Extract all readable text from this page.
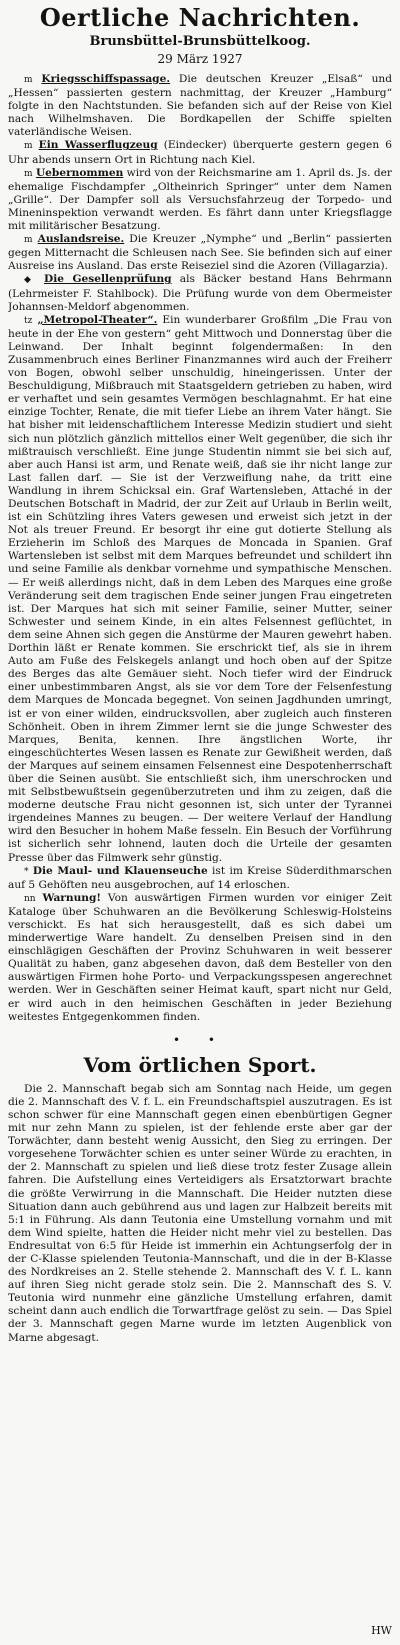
Oertliche Nachrichten.
Brunsbüttel-Brunsbüttelkoog.
29 März 1927

m Kriegsschiffspassage. Die deutschen Kreuzer „Elsaß“ und „Hessen“ passierten gestern nachmittag, der Kreuzer „Hamburg“ folgte in den Nachtstunden. Sie befanden sich auf der Reise von Kiel nach Wilhelmshaven. Die Bordkapellen der Schiffe spielten vaterländische Weisen.

m Ein Wasserflugzeug (Eindecker) überquerte gestern gegen 6 Uhr abends unsern Ort in Richtung nach Kiel.

m Uebernommen wird von der Reichsmarine am 1. April ds. Js. der ehemalige Fischdampfer „Oltheinrich Springer“ unter dem Namen „Grille“. Der Dampfer soll als Versuchsfahrzeug der Torpedo- und Mineninspektion verwandt werden. Es fährt dann unter Kriegsflagge mit militärischer Besatzung.

m Auslandsreise. Die Kreuzer „Nymphe“ und „Berlin“ passierten gegen Mitternacht die Schleusen nach See. Sie befinden sich auf einer Ausreise ins Ausland. Das erste Reiseziel sind die Azoren (Villagarzia).

◆ Die Gesellenprüfung als Bäcker bestand Hans Behrmann (Lehrmeister F. Stahlbock). Die Prüfung wurde von dem Obermeister Johannsen-Meldorf abgenommen.

tz „Metropol-Theater“. Ein wunderbarer Großfilm „Die Frau von heute in der Ehe von gestern“ geht Mittwoch und Donnerstag über die Leinwand. Der Inhalt beginnt folgendermaßen: In den Zusammenbruch eines Berliner Finanzmannes wird auch der Freiherr von Bogen, obwohl selber unschuldig, hineingerissen. Unter der Beschuldigung, Mißbrauch mit Staatsgeldern getrieben zu haben, wird er verhaftet und sein gesamtes Vermögen beschlagnahmt. Er hat eine einzige Tochter, Renate, die mit tiefer Liebe an ihrem Vater hängt. Sie hat bisher mit leidenschaftlichem Interesse Medizin studiert und sieht sich nun plötzlich gänzlich mittellos einer Welt gegenüber, die sich ihr mißtrauisch verschließt. Eine junge Studentin nimmt sie bei sich auf, aber auch Hansi ist arm, und Renate weiß, daß sie ihr nicht lange zur Last fallen darf. — Sie ist der Verzweiflung nahe, da tritt eine Wandlung in ihrem Schicksal ein. Graf Wartensleben, Attaché in der Deutschen Botschaft in Madrid, der zur Zeit auf Urlaub in Berlin weilt, ist ein Schützling ihres Vaters gewesen und erweist sich jetzt in der Not als treuer Freund. Er besorgt ihr eine gut dotierte Stellung als Erzieherin im Schloß des Marques de Moncada in Spanien. Graf Wartensleben ist selbst mit dem Marques befreundet und schildert ihn und seine Familie als denkbar vornehme und sympathische Menschen. — Er weiß allerdings nicht, daß in dem Leben des Marques eine große Veränderung seit dem tragischen Ende seiner jungen Frau eingetreten ist. Der Marques hat sich mit seiner Familie, seiner Mutter, seiner Schwester und seinem Kinde, in ein altes Felsennest geflüchtet, in dem seine Ahnen sich gegen die Anstürme der Mauren gewehrt haben. Dorthin läßt er Renate kommen. Sie erschrickt tief, als sie in ihrem Auto am Fuße des Felskegels anlangt und hoch oben auf der Spitze des Berges das alte Gemäuer sieht. Noch tiefer wird der Eindruck einer unbestimmbaren Angst, als sie vor dem Tore der Felsenfestung dem Marques de Moncada begegnet. Von seinen Jagdhunden umringt, ist er von einer wilden, eindrucksvollen, aber zugleich auch finsteren Schönheit. Oben in ihrem Zimmer lernt sie die junge Schwester des Marques, Benita, kennen. Ihre ängstlichen Worte, ihr eingeschüchtertes Wesen lassen es Renate zur Gewißheit werden, daß der Marques auf seinem einsamen Felsennest eine Despotenherrschaft über die Seinen ausübt. Sie entschließt sich, ihm unerschrocken und mit Selbstbewußtsein gegenüberzutreten und ihm zu zeigen, daß die moderne deutsche Frau nicht gesonnen ist, sich unter der Tyrannei irgendeines Mannes zu beugen. — Der weitere Verlauf der Handlung wird den Besucher in hohem Maße fesseln. Ein Besuch der Vorführung ist sicherlich sehr lohnend, lauten doch die Urteile der gesamten Presse über das Filmwerk sehr günstig.

* Die Maul- und Klauenseuche ist im Kreise Süderdithmarschen auf 5 Gehöften neu ausgebrochen, auf 14 erloschen.

nn Warnung! Von auswärtigen Firmen wurden vor einiger Zeit Kataloge über Schuhwaren an die Bevölkerung Schleswig-Holsteins verschickt. Es hat sich herausgestellt, daß es sich dabei um minderwertige Ware handelt. Zu denselben Preisen sind in den einschlägigen Geschäften der Provinz Schuhwaren in weit besserer Qualität zu haben, ganz abgesehen davon, daß dem Besteller von den auswärtigen Firmen hohe Porto- und Verpackungsspesen angerechnet werden. Wer in Geschäften seiner Heimat kauft, spart nicht nur Geld, er wird auch in den heimischen Geschäften in jeder Beziehung weitestes Entgegenkommen finden.

• •
Vom örtlichen Sport.

Die 2. Mannschaft begab sich am Sonntag nach Heide, um gegen die 2. Mannschaft des V. f. L. ein Freundschaftspiel auszutragen. Es ist schon schwer für eine Mannschaft gegen einen ebenbürtigen Gegner mit nur zehn Mann zu spielen, ist der fehlende erste aber gar der Torwächter, dann besteht wenig Aussicht, den Sieg zu erringen. Der vorgesehene Torwächter schien es unter seiner Würde zu erachten, in der 2. Mannschaft zu spielen und ließ diese trotz fester Zusage allein fahren. Die Aufstellung eines Verteidigers als Ersatztorwart brachte die größte Verwirrung in die Mannschaft. Die Heider nutzten diese Situation dann auch gebührend aus und lagen zur Halbzeit bereits mit 5:1 in Führung. Als dann Teutonia eine Umstellung vornahm und mit dem Wind spielte, hatten die Heider nicht mehr viel zu bestellen. Das Endresultat von 6:5 für Heide ist immerhin ein Achtungserfolg der in der C-Klasse spielenden Teutonia-Mannschaft, und die in der B-Klasse des Nordkreises an 2. Stelle stehende 2. Mannschaft des V. f. L. kann auf ihren Sieg nicht gerade stolz sein. Die 2. Mannschaft des S. V. Teutonia wird nunmehr eine gänzliche Umstellung erfahren, damit scheint dann auch endlich die Torwartfrage gelöst zu sein. — Das Spiel der 3. Mannschaft gegen Marne wurde im letzten Augenblick von Marne abgesagt.

HW
